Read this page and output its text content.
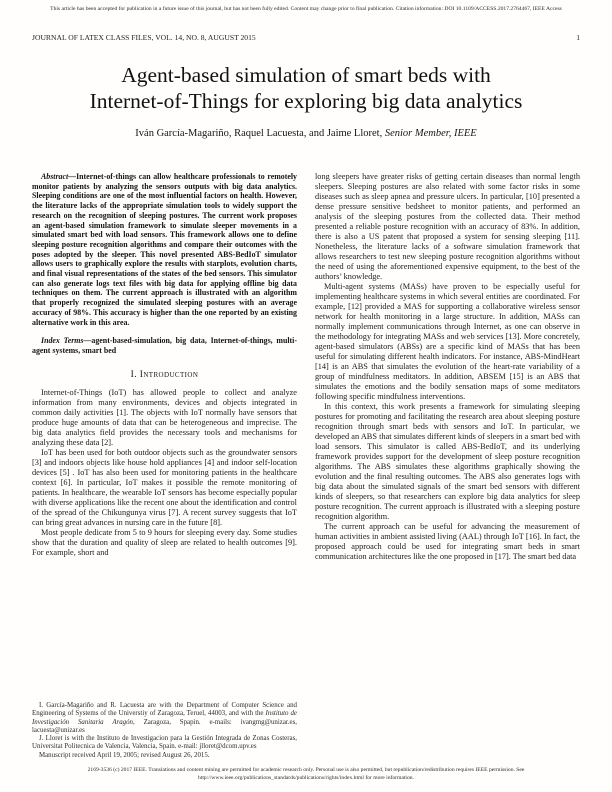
This article has been accepted for publication in a future issue of this journal, but has not been fully edited. Content may change prior to final publication. Citation information: DOI 10.1109/ACCESS.2017.2764467, IEEE Access
JOURNAL OF LATEX CLASS FILES, VOL. 14, NO. 8, AUGUST 2015	1
Agent-based simulation of smart beds with
Internet-of-Things for exploring big data analytics
Iván García-Magariño, Raquel Lacuesta, and Jaime Lloret, Senior Member, IEEE

Abstract—Internet-of-things can allow healthcare professionals to remotely monitor patients by analyzing the sensors outputs with big data analytics. Sleeping conditions are one of the most influential factors on health. However, the literature lacks of the appropriate simulation tools to widely support the research on the recognition of sleeping postures. The current work proposes an agent-based simulation framework to simulate sleeper movements in a simulated smart bed with load sensors. This framework allows one to define sleeping posture recognition algorithms and compare their outcomes with the poses adopted by the sleeper. This novel presented ABS-BedIoT simulator allows users to graphically explore the results with starplots, evolution charts, and final visual representations of the states of the bed sensors. This simulator can also generate logs text files with big data for applying offline big data techniques on them. The current approach is illustrated with an algorithm that properly recognized the simulated sleeping postures with an average accuracy of 98%. This accuracy is higher than the one reported by an existing alternative work in this area.

Index Terms—agent-based-simulation, big data, Internet-of-things, multi-agent systems, smart bed

I. Introduction

Internet-of-Things (IoT) has allowed people to collect and analyze information from many environments, devices and objects integrated in common daily activities [1]. The objects with IoT normally have sensors that produce huge amounts of data that can be heterogeneous and imprecise. The big data analytics field provides the necessary tools and mechanisms for analyzing these data [2].

IoT has been used for both outdoor objects such as the groundwater sensors [3] and indoors objects like house hold appliances [4] and indoor self-location devices [5] . IoT has also been used for monitoring patients in the healthcare context [6]. In particular, IoT makes it possible the remote monitoring of patients. In healthcare, the wearable IoT sensors has become especially popular with diverse applications like the recent one about the identification and control of the spread of the Chikungunya virus [7]. A recent survey suggests that IoT can bring great advances in nursing care in the future [8].

Most people dedicate from 5 to 9 hours for sleeping every day. Some studies show that the duration and quality of sleep are related to health outcomes [9]. For example, short and

I. García-Magariño and R. Lacuesta are with the Department of Computer Science and Engineering of Systems of the Universtiy of Zaragoza, Teruel, 44003, and with the Instituto de Investigación Sanitaria Aragón, Zaragoza, Spapin. e-mails: ivangmg@unizar.es, lacuesta@unizar.es

J. Lloret is with the Instituto de Investigacion para la Gestión Integrada de Zonas Costeras, Universitat Politecnica de Valencia, Valencia, Spain. e-mail: jlloret@dcom.upv.es

Manuscript received April 19, 2005; revised August 26, 2015.

long sleepers have greater risks of getting certain diseases than normal length sleepers. Sleeping postures are also related with some factor risks in some diseases such as sleep apnea and pressure ulcers. In particular, [10] presented a dense pressure sensitive bedsheet to monitor patients, and performed an analysis of the sleeping postures from the collected data. Their method presented a reliable posture recognition with an accuracy of 83%. In addition, there is also a US patent that proposed a system for sensing sleeping [11]. Nonetheless, the literature lacks of a software simulation framework that allows researchers to test new sleeping posture recognition algorithms without the need of using the aforementioned expensive equipment, to the best of the authors’ knowledge.

Multi-agent systems (MASs) have proven to be especially useful for implementing healthcare systems in which several entities are coordinated. For example, [12] provided a MAS for supporting a collaborative wireless sensor network for health monitoring in a large structure. In addition, MASs can normally implement communications through Internet, as one can observe in the methodology for integrating MASs and web services [13]. More concretely, agent-based simulators (ABSs) are a specific kind of MASs that has been useful for simulating different health indicators. For instance, ABS-MindHeart [14] is an ABS that simulates the evolution of the heart-rate variability of a group of mindfulness meditators. In addition, ABSEM [15] is an ABS that simulates the emotions and the bodily sensation maps of some meditators following specific mindfulness interventions.

In this context, this work presents a framework for simulating sleeping postures for promoting and facilitating the research area about sleeping posture recognition through smart beds with sensors and IoT. In particular, we developed an ABS that simulates different kinds of sleepers in a smart bed with load sensors. This simulator is called ABS-BedIoT, and its underlying framework provides support for the development of sleep posture recognition algorithms. The ABS simulates these algorithms graphically showing the evolution and the final resulting outcomes. The ABS also generates logs with big data about the simulated signals of the smart bed sensors with different kinds of sleepers, so that researchers can explore big data analytics for sleep posture recognition. The current approach is illustrated with a sleeping posture recognition algorithm.

The current approach can be useful for advancing the measurement of human activities in ambient assisted living (AAL) through IoT [16]. In fact, the proposed approach could be used for integrating smart beds in smart communication architectures like the one proposed in [17]. The smart bed data

2169-3536 (c) 2017 IEEE. Translations and content mining are permitted for academic research only. Personal use is also permitted, but republication/redistribution requires IEEE permission. See
http://www.ieee.org/publications_standards/publications/rights/index.html for more information.
